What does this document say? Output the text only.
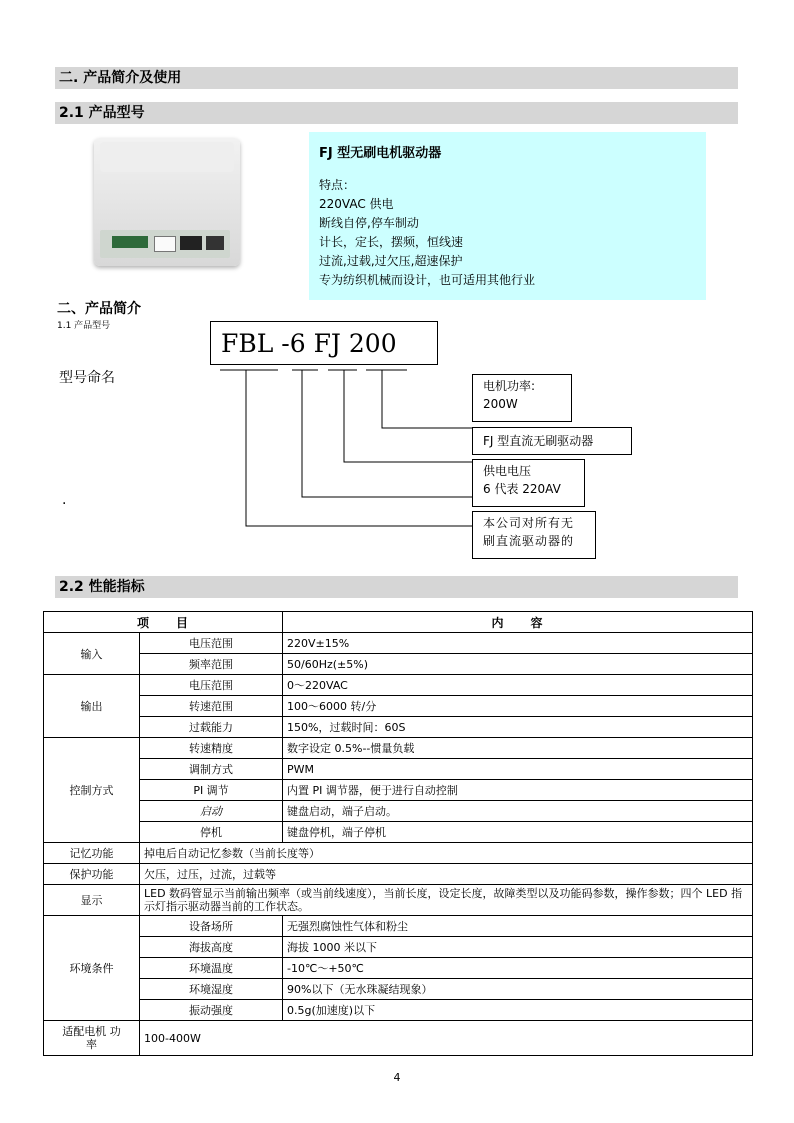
二. 产品简介及使用
2.1 产品型号
FJ 型无刷电机驱动器
特点：
220VAC 供电
断线自停,停车制动
计长，定长，摆频，恒线速
过流,过载,过欠压,超速保护
专为纺织机械而设计，也可适用其他行业
二、产品简介
1.1 产品型号
FBL -6 FJ 200
型号命名
·
电机功率:
200W
FJ 型直流无刷驱动器
供电电压
6 代表 220AV
本公司对所有无
刷直流驱动器的
2.2 性能指标
项　　目		内　　容
输入	电压范围	220V±15%
	频率范围	50/60Hz(±5%)
输出	电压范围	0～220VAC
	转速范围	100～6000 转/分
	过载能力	150%，过载时间：60S
控制方式	转速精度	数字设定 0.5%--惯量负载
	调制方式	PWM
	PI 调节	内置 PI 调节器，便于进行自动控制
	启动	键盘启动，端子启动。
	停机	键盘停机，端子停机
记忆功能	掉电后自动记忆参数（当前长度等）	
保护功能	欠压，过压，过流，过载等	
显示	LED 数码管显示当前输出频率（或当前线速度），当前长度，设定长度，故障类型以及功能码参数，操作参数；四个 LED 指示灯指示驱动器当前的工作状态。	
环境条件	设备场所	无强烈腐蚀性气体和粉尘
	海拔高度	海拔 1000 米以下
	环境温度	-10℃～+50℃
	环境湿度	90%以下（无水珠凝结现象）
	振动强度	0.5g(加速度)以下
适配电机 功　　率	100-400W	
4
